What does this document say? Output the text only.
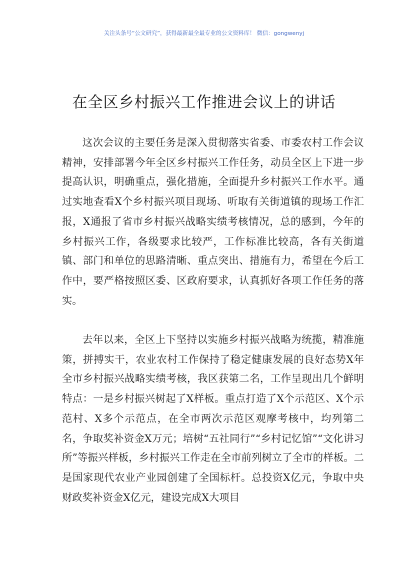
关注头条号“公文研究”，获得最新最全最专业的公文资料库！ 微信：gongwenyj
在全区乡村振兴工作推进会议上的讲话

这次会议的主要任务是深入贯彻落实省委、市委农村工作会议精神，安排部署今年全区乡村振兴工作任务，动员全区上下进一步提高认识，明确重点，强化措施，全面提升乡村振兴工作水平。通过实地查看X个乡村振兴项目现场、听取有关街道镇的现场工作汇报，X通报了省市乡村振兴战略实绩考核情况，总的感到，今年的乡村振兴工作，各级要求比较严，工作标准比较高，各有关街道镇、部门和单位的思路清晰、重点突出、措施有力，希望在今后工作中，要严格按照区委、区政府要求，认真抓好各项工作任务的落实。

去年以来，全区上下坚持以实施乡村振兴战略为统揽，精准施策，拼搏实干，农业农村工作保持了稳定健康发展的良好态势X年全市乡村振兴战略实绩考核，我区获第二名，工作呈现出几个鲜明特点：一是乡村振兴树起了X样板。重点打造了X个示范区、X个示范村、X多个示范点，在全市两次示范区观摩考核中，均列第二名，争取奖补资金X万元；培树“五社同行”“乡村记忆馆”“文化讲习所”等振兴样板，乡村振兴工作走在全市前列树立了全市的样板。二是国家现代农业产业园创建了全国标杆。总投资X亿元，争取中央财政奖补资金X亿元，建设完成X大项目
